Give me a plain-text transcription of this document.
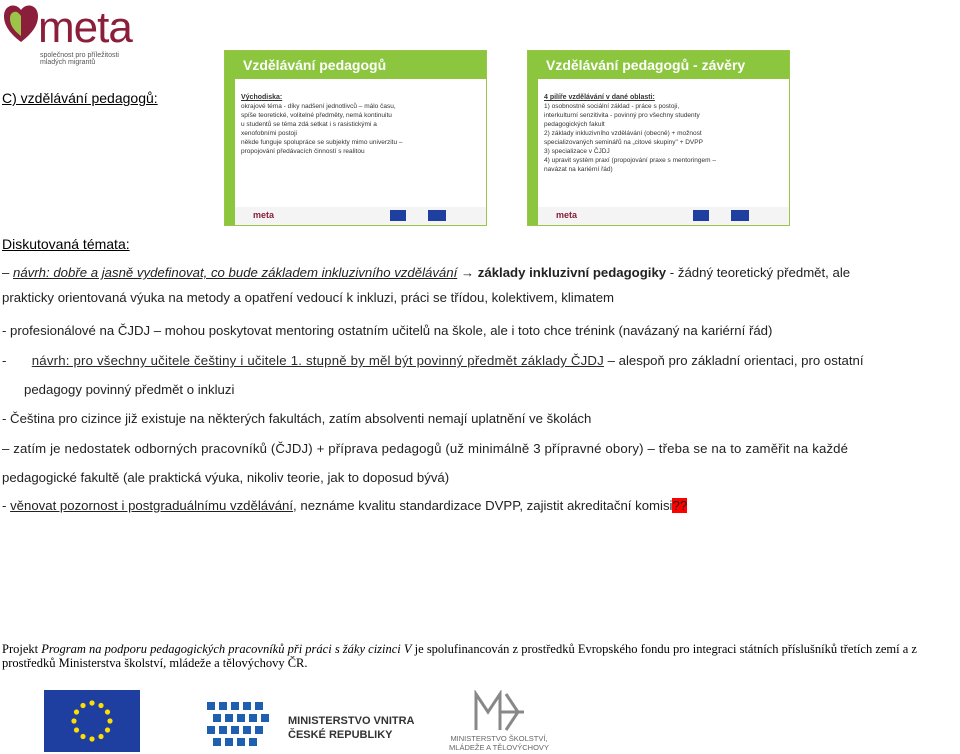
meta
společnost pro příležitosti mladých migrantů
C) vzdělávání pedagogů:
Vzdělávání pedagogů
Východiska:
okrajové téma - díky nadšení jednotlivců – málo času,
spíše teoretické, volitelné předměty, nemá kontinuitu
u studentů se téma zdá setkat i s rasistickými a
xenofobními postoji
někde funguje spolupráce se subjekty mimo univerzitu –
propojování předávacích činností s realitou
meta
Vzdělávání pedagogů - závěry
4 pilíře vzdělávání v dané oblasti:
1) osobnostně sociální základ - práce s postoji,
interkulturní senzitivita - povinný pro všechny studenty
pedagogických fakult
2) základy inkluzivního vzdělávání (obecně) + možnost
specializovaných seminářů na „citové skupiny" + DVPP
3) specializace v ČJDJ
4) upravit systém praxí (propojování praxe s mentoringem –
navázat na kariérní řád)
meta
Diskutovaná témata:
– návrh: dobře a jasně vydefinovat, co bude základem inkluzivního vzdělávání → základy inkluzivní pedagogiky - žádný teoretický předmět, ale
prakticky orientovaná výuka na metody a opatření vedoucí k inkluzi, práci se třídou, kolektivem, klimatem
- profesionálové na ČJDJ – mohou poskytovat mentoring ostatním učitelů na škole, ale i toto chce trénink (navázaný na kariérní řád)
- návrh: pro všechny učitele češtiny i učitele 1. stupně by měl být povinný předmět základy ČJDJ – alespoň pro základní orientaci, pro ostatní
pedagogy povinný předmět o inkluzi
- Čeština pro cizince již existuje na některých fakultách, zatím absolventi nemají uplatnění ve školách
– zatím je nedostatek odborných pracovníků (ČJDJ) + příprava pedagogů (už minimálně 3 přípravné obory) – třeba se na to zaměřit na každé
pedagogické fakultě (ale praktická výuka, nikoliv teorie, jak to doposud bývá)
- věnovat pozornost i postgraduálnímu vzdělávání, neznáme kvalitu standardizace DVPP, zajistit akreditační komisi??
Projekt Program na podporu pedagogických pracovníků při práci s žáky cizinci V je spolufinancován z prostředků Evropského fondu pro integraci státních příslušníků třetích zemí a z prostředků Ministerstva školství, mládeže a tělovýchovy ČR.
MINISTERSTVO VNITRA
ČESKÉ REPUBLIKY	MINISTERSTVO ŠKOLSTVÍ, MLÁDEŽE A TĚLOVÝCHOVY
